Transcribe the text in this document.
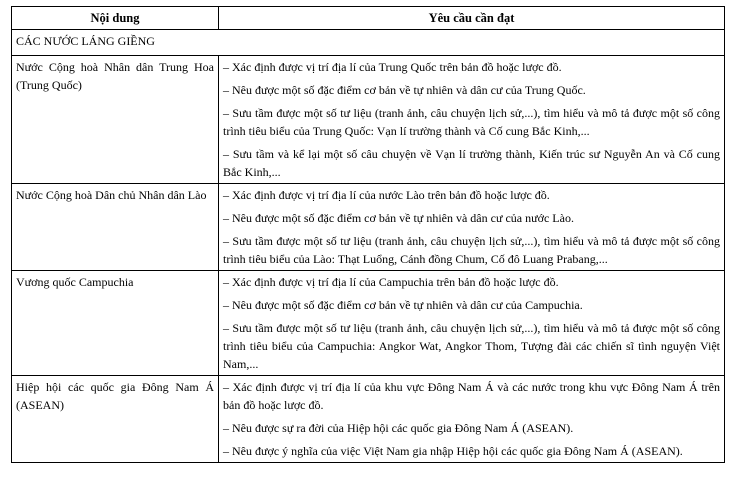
Nội dung	Yêu cầu cần đạt
CÁC NƯỚC LÁNG GIỀNG	
Nước Cộng hoà Nhân dân Trung Hoa (Trung Quốc)	– Xác định được vị trí địa lí của Trung Quốc trên bản đồ hoặc lược đồ.
– Nêu được một số đặc điểm cơ bản về tự nhiên và dân cư của Trung Quốc.
– Sưu tầm được một số tư liệu (tranh ảnh, câu chuyện lịch sử,...), tìm hiểu và mô tả được một số công trình tiêu biểu của Trung Quốc: Vạn lí trường thành và Cố cung Bắc Kinh,...
– Sưu tầm và kể lại một số câu chuyện về Vạn lí trường thành, Kiến trúc sư Nguyễn An và Cố cung Bắc Kinh,...

Nước Cộng hoà Dân chủ Nhân dân Lào	– Xác định được vị trí địa lí của nước Lào trên bản đồ hoặc lược đồ.
– Nêu được một số đặc điểm cơ bản về tự nhiên và dân cư của nước Lào.
– Sưu tầm được một số tư liệu (tranh ảnh, câu chuyện lịch sử,...), tìm hiểu và mô tả được một số công trình tiêu biểu của Lào: Thạt Luổng, Cánh đồng Chum, Cố đô Luang Prabang,...

Vương quốc Campuchia	– Xác định được vị trí địa lí của Campuchia trên bản đồ hoặc lược đồ.
– Nêu được một số đặc điểm cơ bản về tự nhiên và dân cư của Campuchia.
– Sưu tầm được một số tư liệu (tranh ảnh, câu chuyện lịch sử,...), tìm hiểu và mô tả được một số công trình tiêu biểu của Campuchia: Angkor Wat, Angkor Thom, Tượng đài các chiến sĩ tình nguyện Việt Nam,...

Hiệp hội các quốc gia Đông Nam Á (ASEAN)	– Xác định được vị trí địa lí của khu vực Đông Nam Á và các nước trong khu vực Đông Nam Á trên bản đồ hoặc lược đồ.
– Nêu được sự ra đời của Hiệp hội các quốc gia Đông Nam Á (ASEAN).
– Nêu được ý nghĩa của việc Việt Nam gia nhập Hiệp hội các quốc gia Đông Nam Á (ASEAN).
